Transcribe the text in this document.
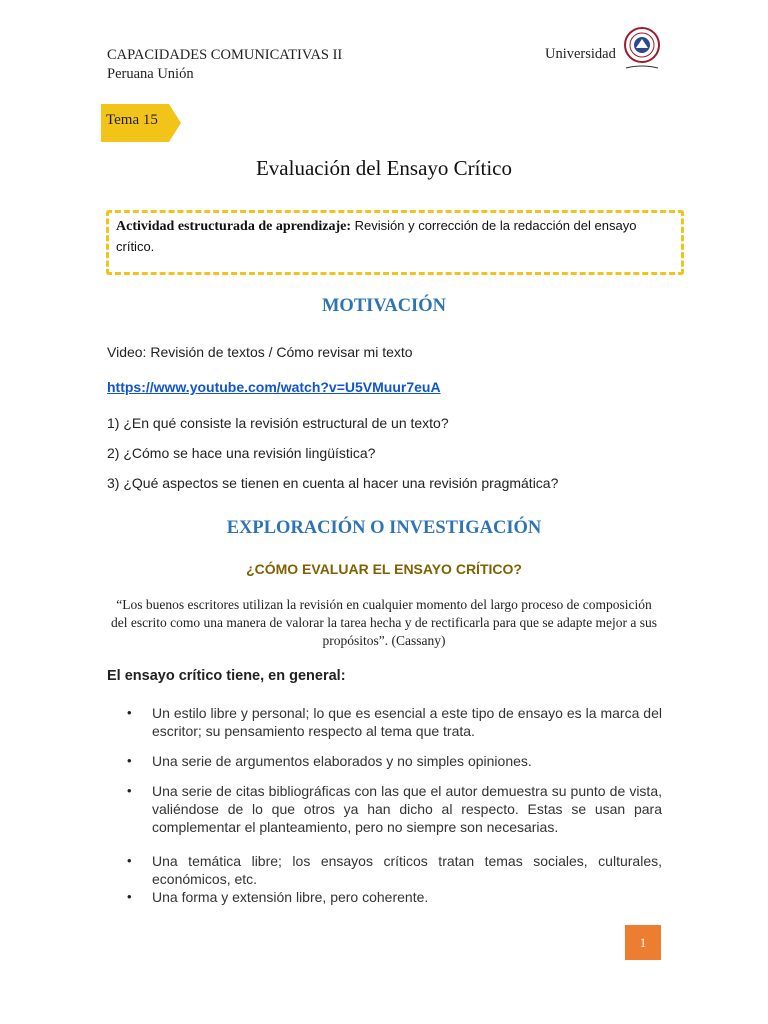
CAPACIDADES COMUNICATIVAS II
Peruana Unión
Universidad
Tema 15
Evaluación del Ensayo Crítico
Actividad estructurada de aprendizaje: Revisión y corrección de la redacción del ensayo crítico.
MOTIVACIÓN
Video: Revisión de textos / Cómo revisar mi texto
https://www.youtube.com/watch?v=U5VMuur7euA
1) ¿En qué consiste la revisión estructural de un texto?
2) ¿Cómo se hace una revisión lingüística?
3) ¿Qué aspectos se tienen en cuenta al hacer una revisión pragmática?
EXPLORACIÓN O INVESTIGACIÓN
¿CÓMO EVALUAR EL ENSAYO CRÍTICO?
“Los buenos escritores utilizan la revisión en cualquier momento del largo proceso de composición del escrito como una manera de valorar la tarea hecha y de rectificarla para que se adapte mejor a sus propósitos”. (Cassany)
El ensayo crítico tiene, en general:
• Un estilo libre y personal; lo que es esencial a este tipo de ensayo es la marca del escritor; su pensamiento respecto al tema que trata.
• Una serie de argumentos elaborados y no simples opiniones.
• Una serie de citas bibliográficas con las que el autor demuestra su punto de vista, valiéndose de lo que otros ya han dicho al respecto. Estas se usan para complementar el planteamiento, pero no siempre son necesarias.
• Una temática libre; los ensayos críticos tratan temas sociales, culturales, económicos, etc.
• Una forma y extensión libre, pero coherente.
1
